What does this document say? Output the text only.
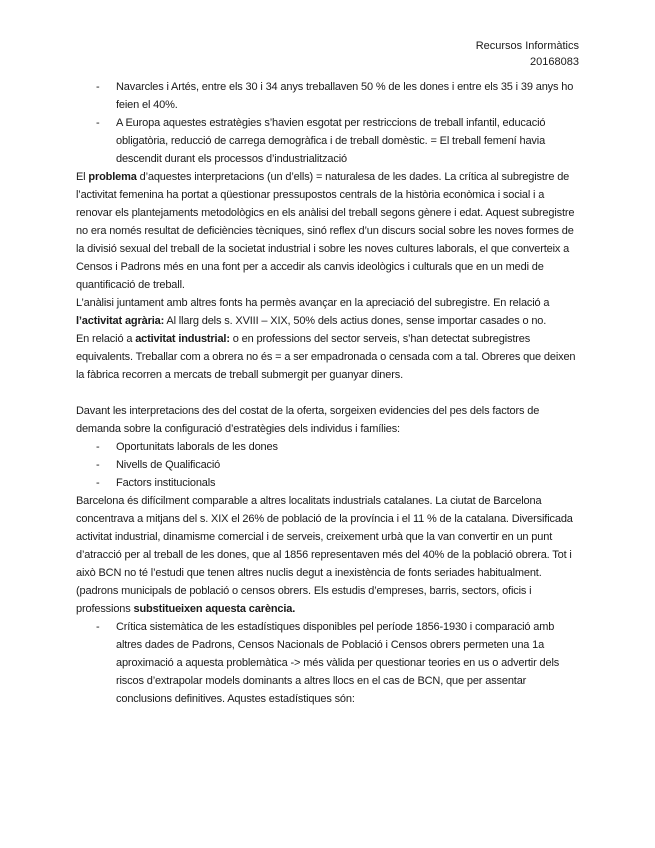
Recursos Informàtics
20168083
- Navarcles i Artés, entre els 30 i 34 anys treballaven 50 % de les dones i entre els 35 i 39 anys ho feien el 40%.
- A Europa aquestes estratègies s’havien esgotat per restriccions de treball infantil, educació obligatòria, reducció de carrega demogràfica i de treball domèstic. = El treball femení havia descendit durant els processos d’industrialització

El problema d’aquestes interpretacions (un d’ells) = naturalesa de les dades. La crítica al subregistre de l’activitat femenina ha portat a qüestionar pressupostos centrals de la història econòmica i social i a renovar els plantejaments metodològics en els anàlisi del treball segons gènere i edat. Aquest subregistre no era només resultat de deficiències tècniques, sinó reflex d’un discurs social sobre les noves formes de la divisió sexual del treball de la societat industrial i sobre les noves cultures laborals, el que converteix a Censos i Padrons més en una font per a accedir als canvis ideològics i culturals que en un medi de quantificació de treball.

L’anàlisi juntament amb altres fonts ha permès avançar en la apreciació del subregistre. En relació a l’activitat agrària: Al llarg dels s. XVIII – XIX, 50% dels actius dones, sense importar casades o no.

En relació a activitat industrial: o en professions del sector serveis, s’han detectat subregistres equivalents. Treballar com a obrera no és = a ser empadronada o censada com a tal. Obreres que deixen la fàbrica recorren a mercats de treball submergit per guanyar diners.

Davant les interpretacions des del costat de la oferta, sorgeixen evidencies del pes dels factors de demanda sobre la configuració d’estratègies dels individus i famílies:

- Oportunitats laborals de les dones
- Nivells de Qualificació
- Factors institucionals

Barcelona és difícilment comparable a altres localitats industrials catalanes. La ciutat de Barcelona concentrava a mitjans del s. XIX el 26% de població de la província i el 11 % de la catalana. Diversificada activitat industrial, dinamisme comercial i de serveis, creixement urbà que la van convertir en un punt d’atracció per al treball de les dones, que al 1856 representaven més del 40% de la població obrera. Tot i això BCN no té l’estudi que tenen altres nuclis degut a inexistència de fonts seriades habitualment. (padrons municipals de població o censos obrers. Els estudis d’empreses, barris, sectors, oficis i professions substitueixen aquesta carència.

- Crítica sistemàtica de les estadístiques disponibles pel període 1856-1930 i comparació amb altres dades de Padrons, Censos Nacionals de Població i Censos obrers permeten una 1a aproximació a aquesta problemàtica -> més vàlida per questionar teories en us o advertir dels riscos d’extrapolar models dominants a altres llocs en el cas de BCN, que per assentar conclusions definitives. Aqustes estadístiques són:
